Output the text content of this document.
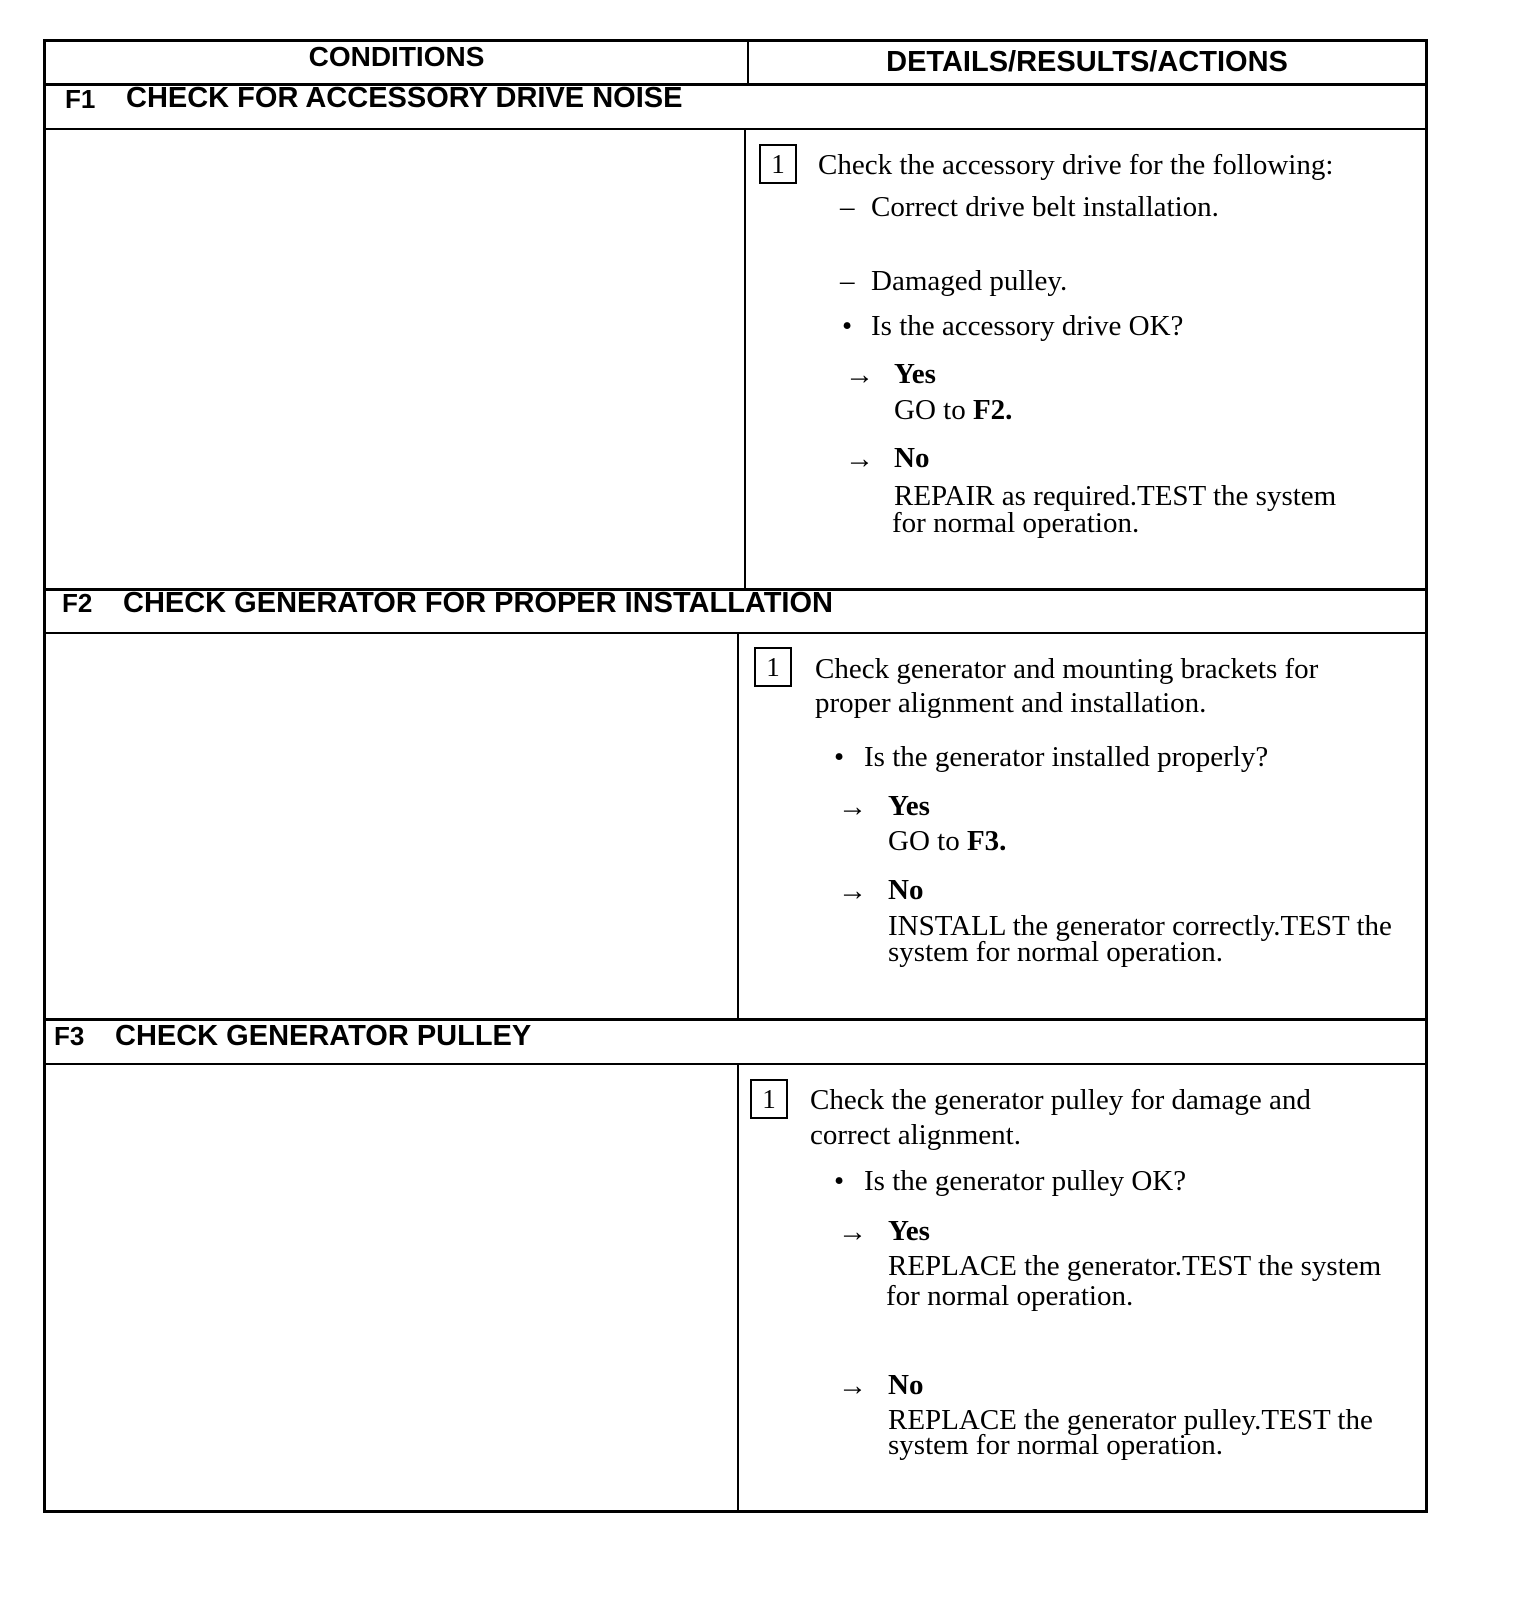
CONDITIONS	DETAILS/RESULTS/ACTIONS
F1 CHECK FOR ACCESSORY DRIVE NOISE
1	Check the accessory drive for the following:
– Correct drive belt installation.
– Damaged pulley.
• Is the accessory drive OK?
→ Yes
GO to F2.
→ No
REPAIR as required.TEST the system
for normal operation.
F2 CHECK GENERATOR FOR PROPER INSTALLATION
1	Check generator and mounting brackets for
proper alignment and installation.
• Is the generator installed properly?
→ Yes
GO to F3.
→ No
INSTALL the generator correctly.TEST the
system for normal operation.
F3 CHECK GENERATOR PULLEY
1	Check the generator pulley for damage and
correct alignment.
• Is the generator pulley OK?
→ Yes
REPLACE the generator.TEST the system
for normal operation.
→ No
REPLACE the generator pulley.TEST the
system for normal operation.
